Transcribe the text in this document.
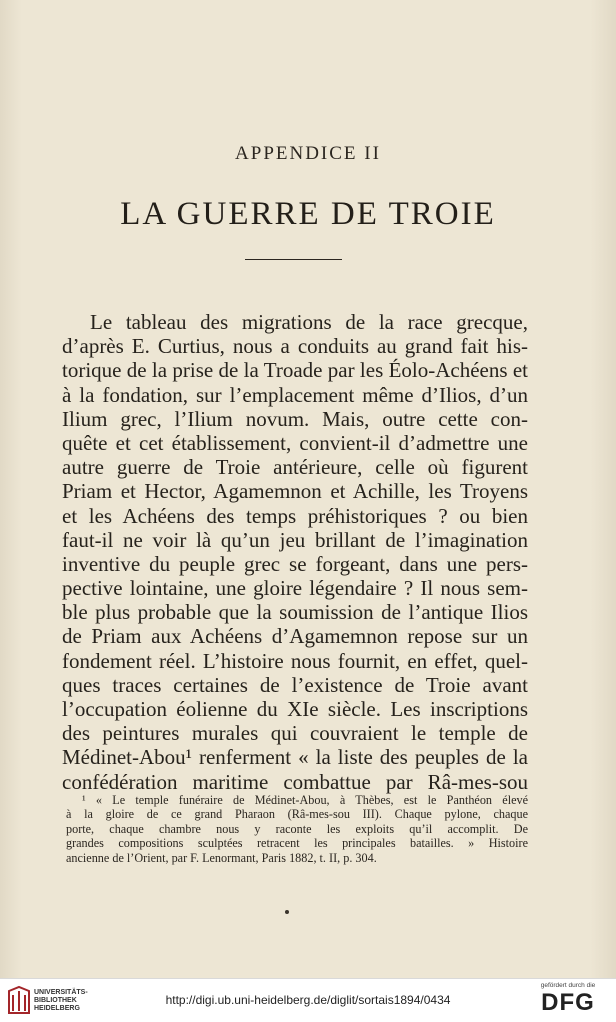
APPENDICE II
LA GUERRE DE TROIE
Le tableau des migrations de la race grecque,
d’après E. Curtius, nous a conduits au grand fait his-
torique de la prise de la Troade par les Éolo-Achéens et
à la fondation, sur l’emplacement même d’Ilios, d’un
Ilium grec, l’Ilium novum. Mais, outre cette con-
quête et cet établissement, convient-il d’admettre une
autre guerre de Troie antérieure, celle où figurent
Priam et Hector, Agamemnon et Achille, les Troyens
et les Achéens des temps préhistoriques ? ou bien
faut-il ne voir là qu’un jeu brillant de l’imagination
inventive du peuple grec se forgeant, dans une pers-
pective lointaine, une gloire légendaire ? Il nous sem-
ble plus probable que la soumission de l’antique Ilios
de Priam aux Achéens d’Agamemnon repose sur un
fondement réel. L’histoire nous fournit, en effet, quel-
ques traces certaines de l’existence de Troie avant
l’occupation éolienne du XIe siècle. Les inscriptions
des peintures murales qui couvraient le temple de
Médinet-Abou¹ renferment « la liste des peuples de la
confédération maritime combattue par Râ-mes-sou
¹ « Le temple funéraire de Médinet-Abou, à Thèbes, est le Panthéon élevé
à la gloire de ce grand Pharaon (Râ-mes-sou III). Chaque pylone, chaque
porte, chaque chambre nous y raconte les exploits qu’il accomplit. De
grandes compositions sculptées retracent les principales batailles. » Histoire
ancienne de l’Orient, par F. Lenormant, Paris 1882, t. II, p. 304.
UNIVERSITÄTS-
BIBLIOTHEK
HEIDELBERG
http://digi.ub.uni-heidelberg.de/diglit/sortais1894/0434
gefördert durch die
DFG
